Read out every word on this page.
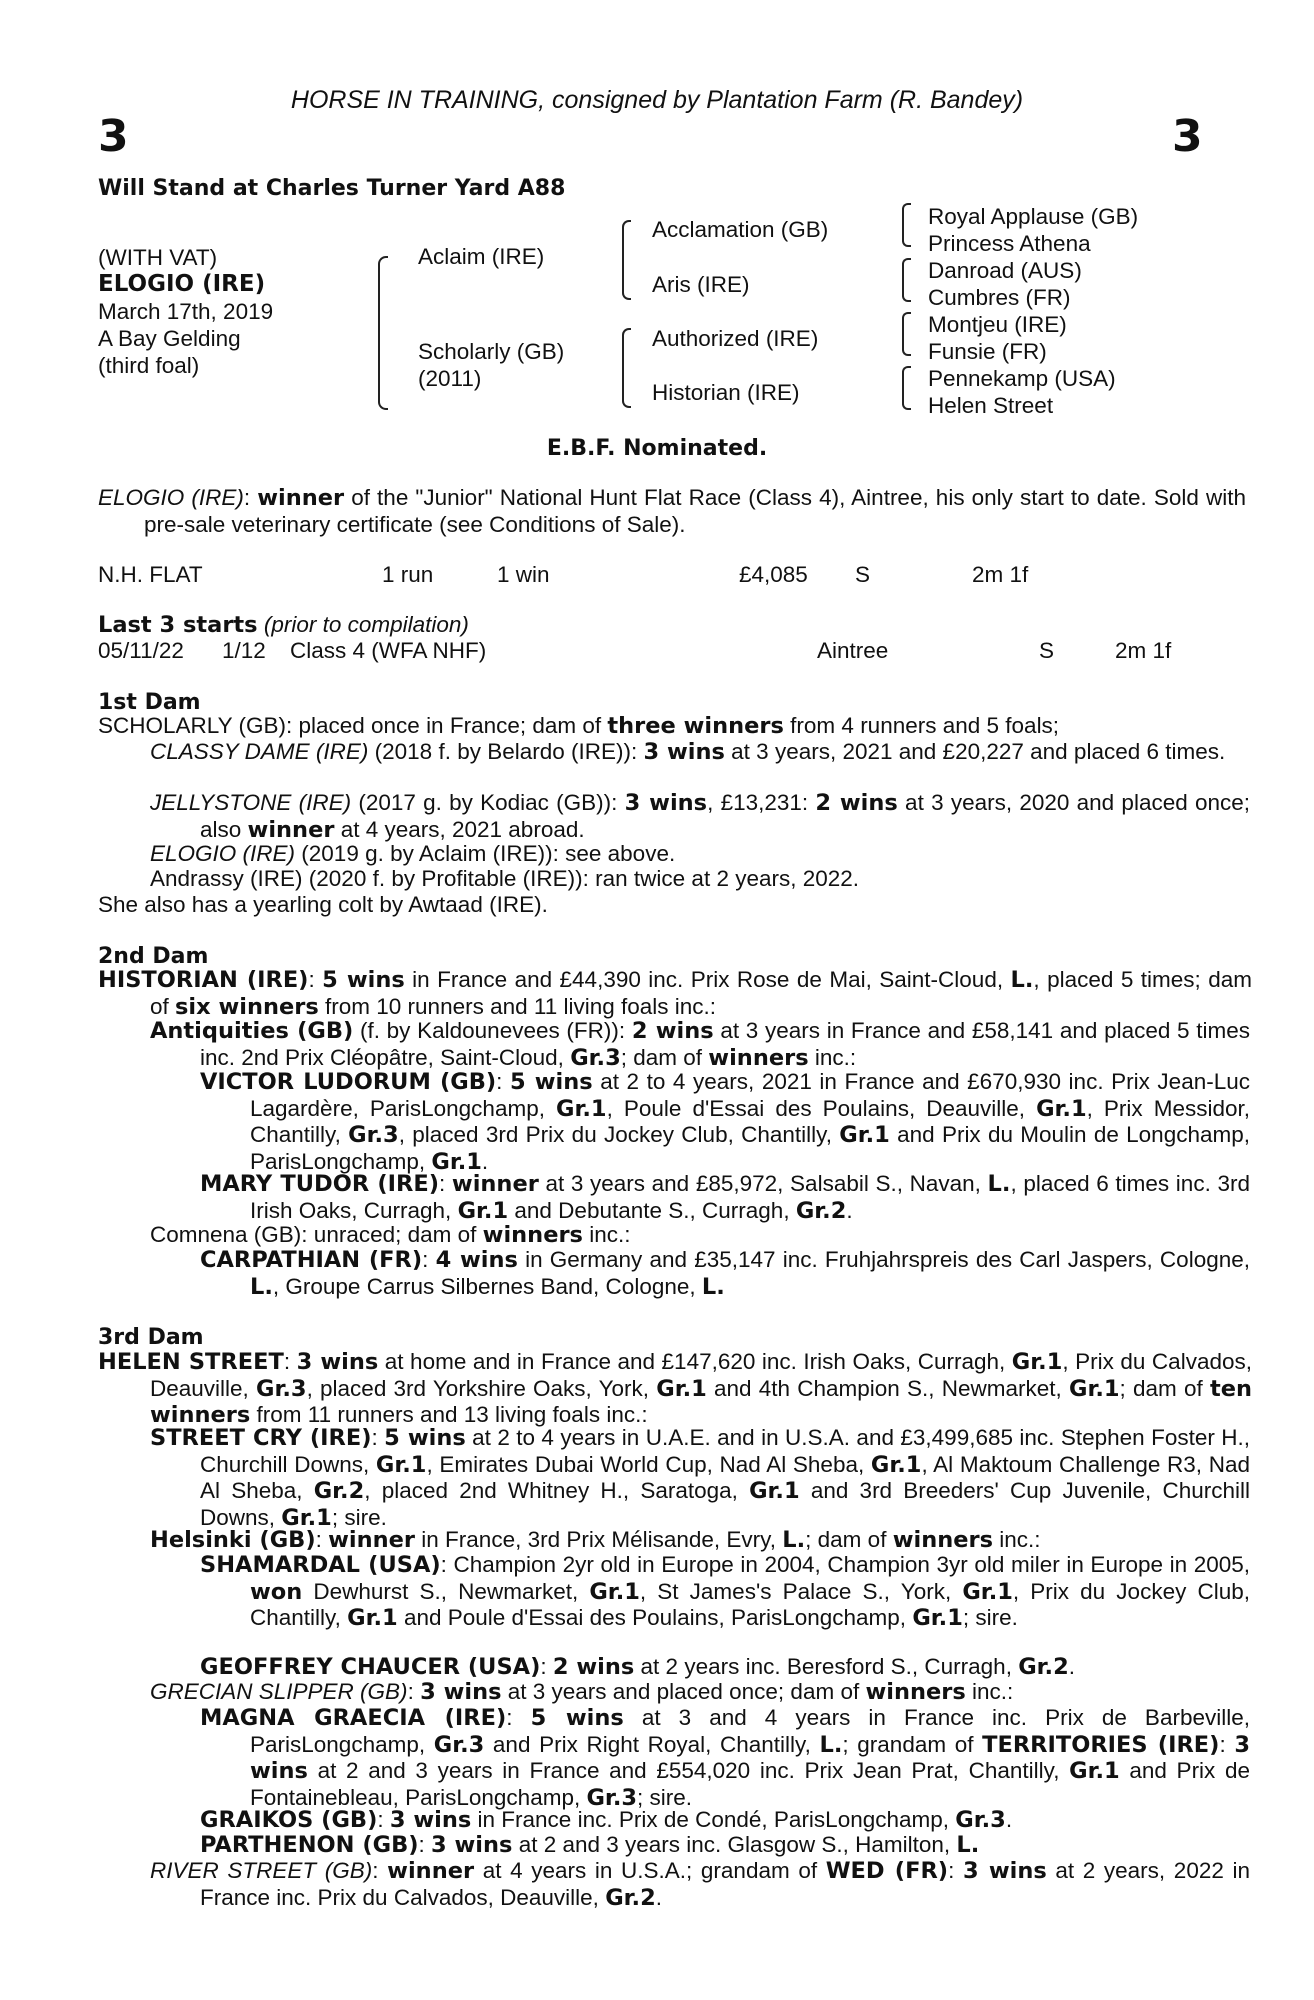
HORSE IN TRAINING, consigned by Plantation Farm (R. Bandey)
3	3
Will Stand at Charles Turner Yard A88
(WITH VAT)
ELOGIO (IRE)
March 17th, 2019
A Bay Gelding
(third foal)
Aclaim (IRE)
Scholarly (GB)
(2011)
Acclamation (GB)
Aris (IRE)
Authorized (IRE)
Historian (IRE)
Royal Applause (GB)
Princess Athena
Danroad (AUS)
Cumbres (FR)
Montjeu (IRE)
Funsie (FR)
Pennekamp (USA)
Helen Street
E.B.F. Nominated.
ELOGIO (IRE): winner of the "Junior" National Hunt Flat Race (Class 4), Aintree, his only start to date. Sold with pre-sale veterinary certificate (see Conditions of Sale).
N.H. FLAT	1 run	1 win	£4,085 S	2m 1f
Last 3 starts (prior to compilation)
05/11/22 1/12 Class 4 (WFA NHF)	Aintree	S	2m 1f
1st Dam
SCHOLARLY (GB): placed once in France; dam of three winners from 4 runners and 5 foals;
CLASSY DAME (IRE) (2018 f. by Belardo (IRE)): 3 wins at 3 years, 2021 and £20,227 and placed 6 times.
JELLYSTONE (IRE) (2017 g. by Kodiac (GB)): 3 wins, £13,231: 2 wins at 3 years, 2020 and placed once; also winner at 4 years, 2021 abroad.
ELOGIO (IRE) (2019 g. by Aclaim (IRE)): see above.
Andrassy (IRE) (2020 f. by Profitable (IRE)): ran twice at 2 years, 2022.
She also has a yearling colt by Awtaad (IRE).
2nd Dam
HISTORIAN (IRE): 5 wins in France and £44,390 inc. Prix Rose de Mai, Saint-Cloud, L., placed 5 times; dam of six winners from 10 runners and 11 living foals inc.:
Antiquities (GB) (f. by Kaldounevees (FR)): 2 wins at 3 years in France and £58,141 and placed 5 times inc. 2nd Prix Cléopâtre, Saint-Cloud, Gr.3; dam of winners inc.:
VICTOR LUDORUM (GB): 5 wins at 2 to 4 years, 2021 in France and £670,930 inc. Prix Jean-Luc Lagardère, ParisLongchamp, Gr.1, Poule d'Essai des Poulains, Deauville, Gr.1, Prix Messidor, Chantilly, Gr.3, placed 3rd Prix du Jockey Club, Chantilly, Gr.1 and Prix du Moulin de Longchamp, ParisLongchamp, Gr.1.
MARY TUDOR (IRE): winner at 3 years and £85,972, Salsabil S., Navan, L., placed 6 times inc. 3rd Irish Oaks, Curragh, Gr.1 and Debutante S., Curragh, Gr.2.
Comnena (GB): unraced; dam of winners inc.:
CARPATHIAN (FR): 4 wins in Germany and £35,147 inc. Fruhjahrspreis des Carl Jaspers, Cologne, L., Groupe Carrus Silbernes Band, Cologne, L.
3rd Dam
HELEN STREET: 3 wins at home and in France and £147,620 inc. Irish Oaks, Curragh, Gr.1, Prix du Calvados, Deauville, Gr.3, placed 3rd Yorkshire Oaks, York, Gr.1 and 4th Champion S., Newmarket, Gr.1; dam of ten winners from 11 runners and 13 living foals inc.:
STREET CRY (IRE): 5 wins at 2 to 4 years in U.A.E. and in U.S.A. and £3,499,685 inc. Stephen Foster H., Churchill Downs, Gr.1, Emirates Dubai World Cup, Nad Al Sheba, Gr.1, Al Maktoum Challenge R3, Nad Al Sheba, Gr.2, placed 2nd Whitney H., Saratoga, Gr.1 and 3rd Breeders' Cup Juvenile, Churchill Downs, Gr.1; sire.
Helsinki (GB): winner in France, 3rd Prix Mélisande, Evry, L.; dam of winners inc.:
SHAMARDAL (USA): Champion 2yr old in Europe in 2004, Champion 3yr old miler in Europe in 2005, won Dewhurst S., Newmarket, Gr.1, St James's Palace S., York, Gr.1, Prix du Jockey Club, Chantilly, Gr.1 and Poule d'Essai des Poulains, ParisLongchamp, Gr.1; sire.
GEOFFREY CHAUCER (USA): 2 wins at 2 years inc. Beresford S., Curragh, Gr.2.
GRECIAN SLIPPER (GB): 3 wins at 3 years and placed once; dam of winners inc.:
MAGNA GRAECIA (IRE): 5 wins at 3 and 4 years in France inc. Prix de Barbeville, ParisLongchamp, Gr.3 and Prix Right Royal, Chantilly, L.; grandam of TERRITORIES (IRE): 3 wins at 2 and 3 years in France and £554,020 inc. Prix Jean Prat, Chantilly, Gr.1 and Prix de Fontainebleau, ParisLongchamp, Gr.3; sire.
GRAIKOS (GB): 3 wins in France inc. Prix de Condé, ParisLongchamp, Gr.3.
PARTHENON (GB): 3 wins at 2 and 3 years inc. Glasgow S., Hamilton, L.
RIVER STREET (GB): winner at 4 years in U.S.A.; grandam of WED (FR): 3 wins at 2 years, 2022 in France inc. Prix du Calvados, Deauville, Gr.2.
